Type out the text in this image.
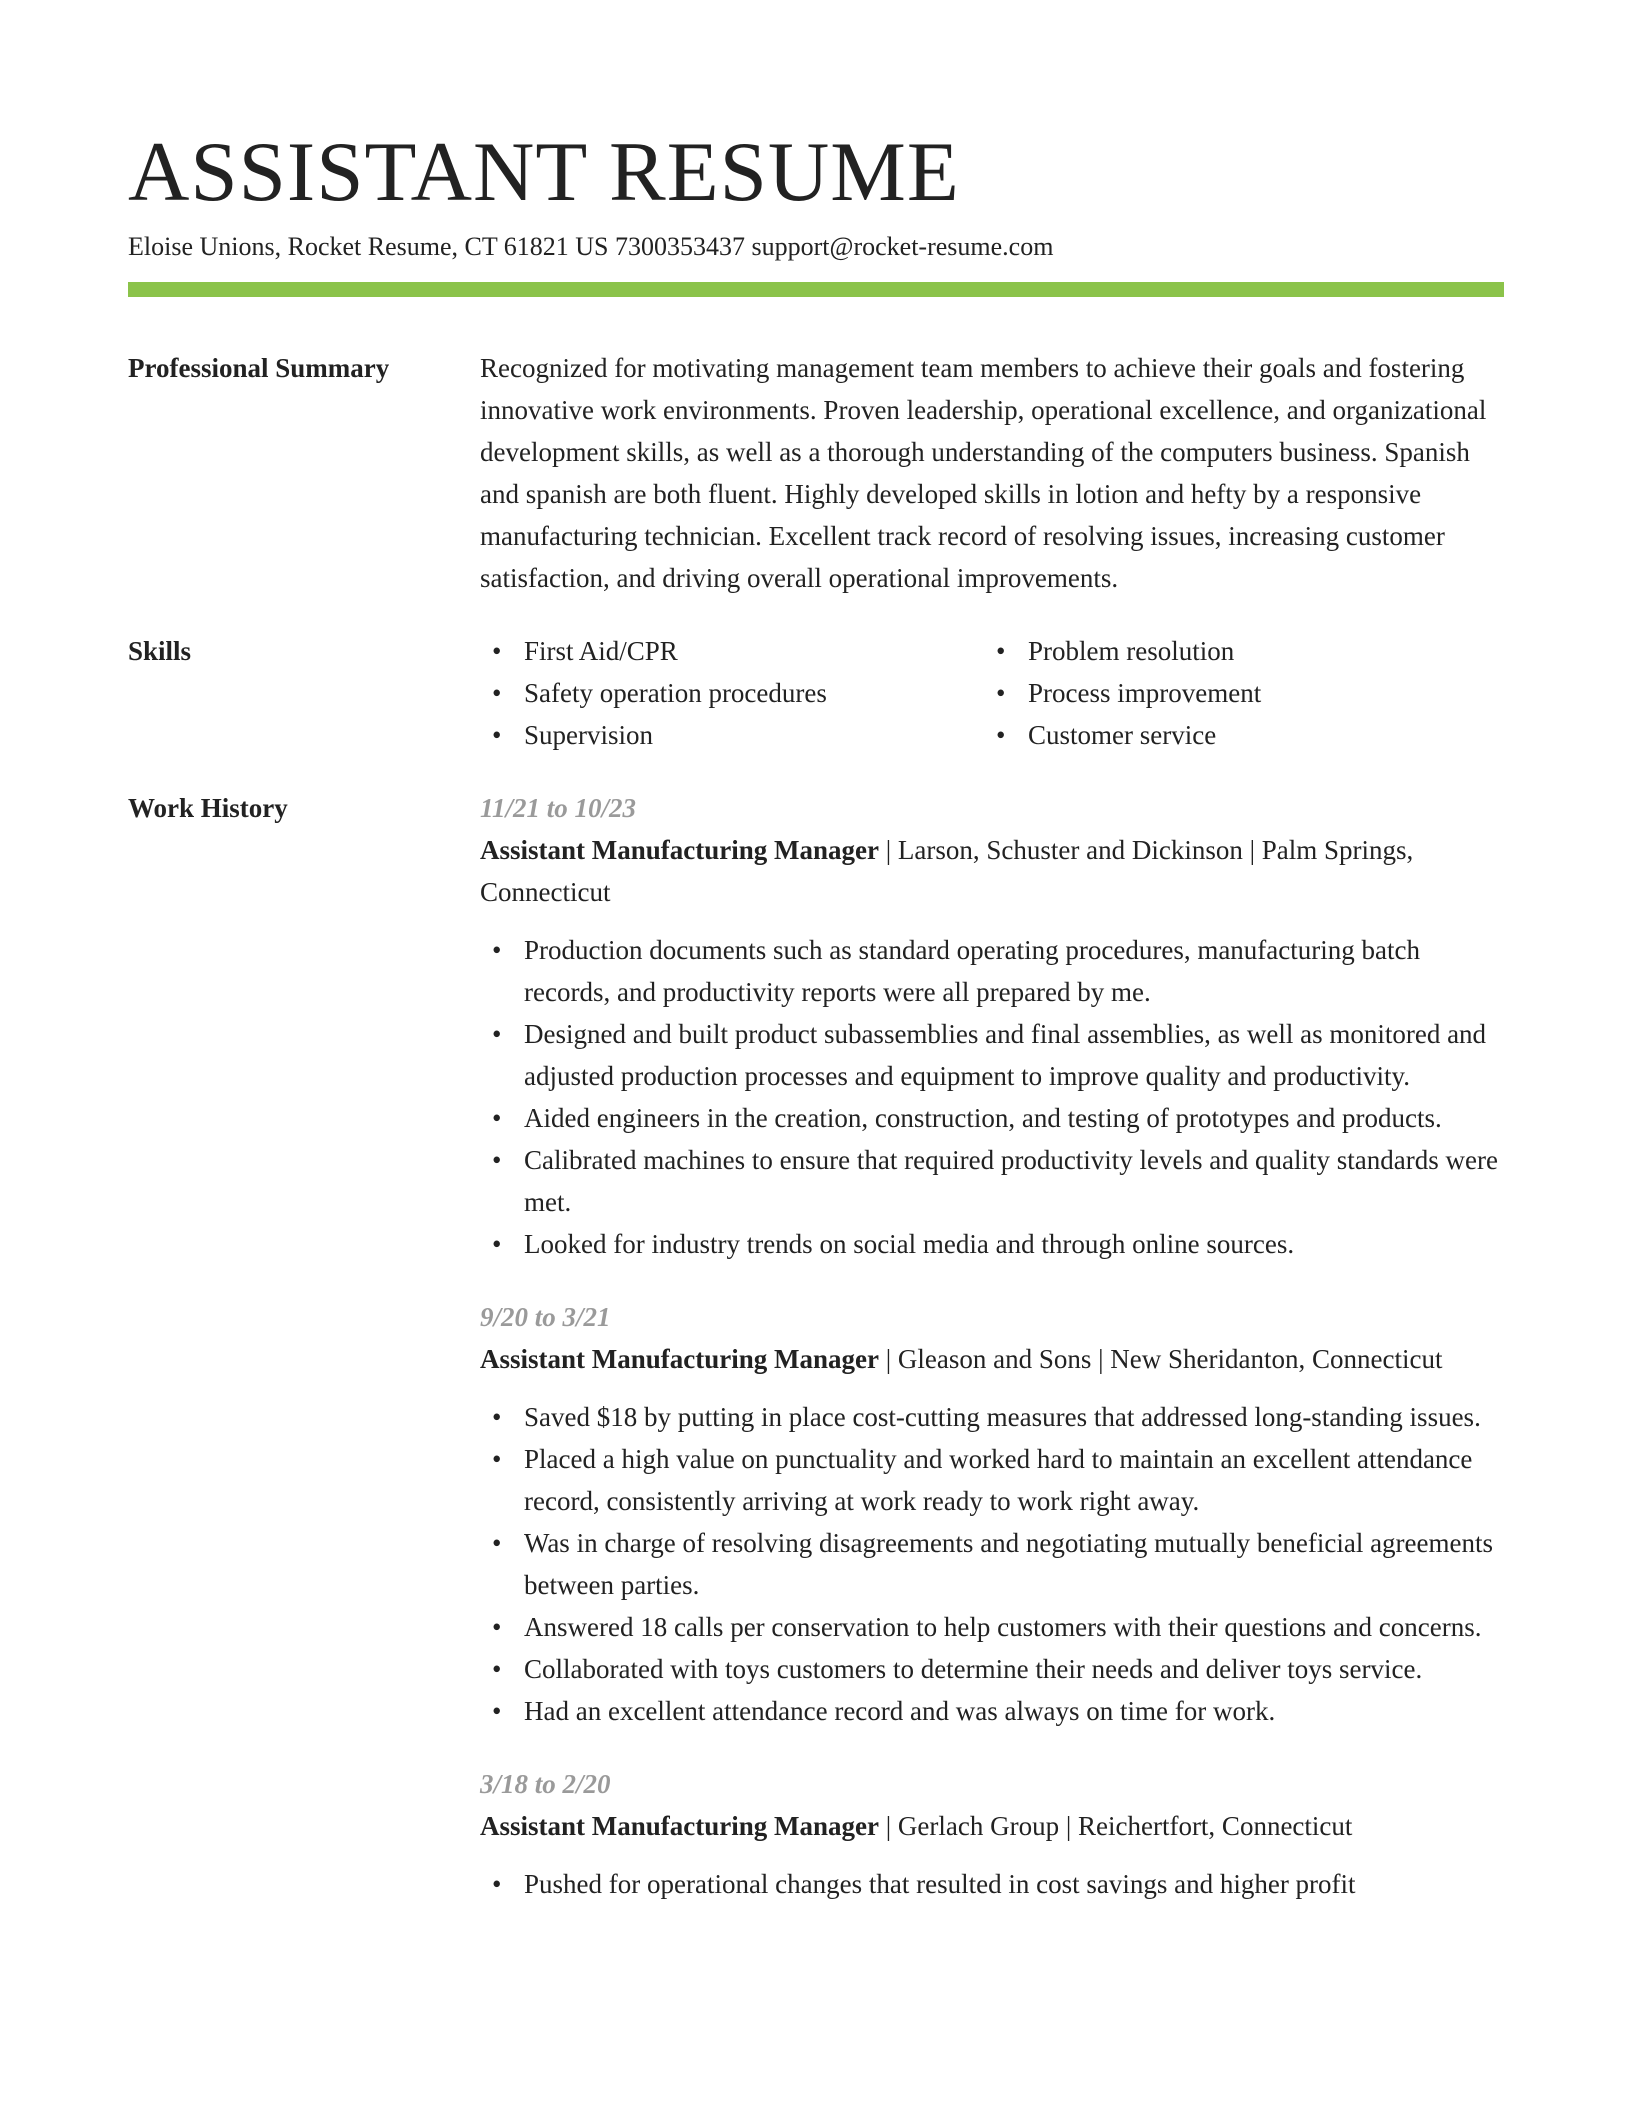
ASSISTANT RESUME
Eloise Unions, Rocket Resume, CT 61821 US 7300353437 support@rocket-resume.com
Professional Summary	Recognized for motivating management team members to achieve their goals and fostering innovative work environments. Proven leadership, operational excellence, and organizational development skills, as well as a thorough understanding of the computers business. Spanish and spanish are both fluent. Highly developed skills in lotion and hefty by a responsive manufacturing technician. Excellent track record of resolving issues, increasing customer satisfaction, and driving overall operational improvements.
Skills
•	First Aid/CPR
• Safety operation procedures
• Supervision
• Problem resolution
• Process improvement
• Customer service
Work History	11/21 to 10/23
Assistant Manufacturing Manager | Larson, Schuster and Dickinson | Palm Springs, Connecticut
• Production documents such as standard operating procedures, manufacturing batch records, and productivity reports were all prepared by me.
• Designed and built product subassemblies and final assemblies, as well as monitored and adjusted production processes and equipment to improve quality and productivity.
• Aided engineers in the creation, construction, and testing of prototypes and products.
• Calibrated machines to ensure that required productivity levels and quality standards were met.
• Looked for industry trends on social media and through online sources.
9/20 to 3/21
Assistant Manufacturing Manager | Gleason and Sons | New Sheridanton, Connecticut
• Saved $18 by putting in place cost-cutting measures that addressed long-standing issues.
• Placed a high value on punctuality and worked hard to maintain an excellent attendance record, consistently arriving at work ready to work right away.
• Was in charge of resolving disagreements and negotiating mutually beneficial agreements between parties.
• Answered 18 calls per conservation to help customers with their questions and concerns.
• Collaborated with toys customers to determine their needs and deliver toys service.
• Had an excellent attendance record and was always on time for work.
3/18 to 2/20
Assistant Manufacturing Manager | Gerlach Group | Reichertfort, Connecticut
• Pushed for operational changes that resulted in cost savings and higher profit
